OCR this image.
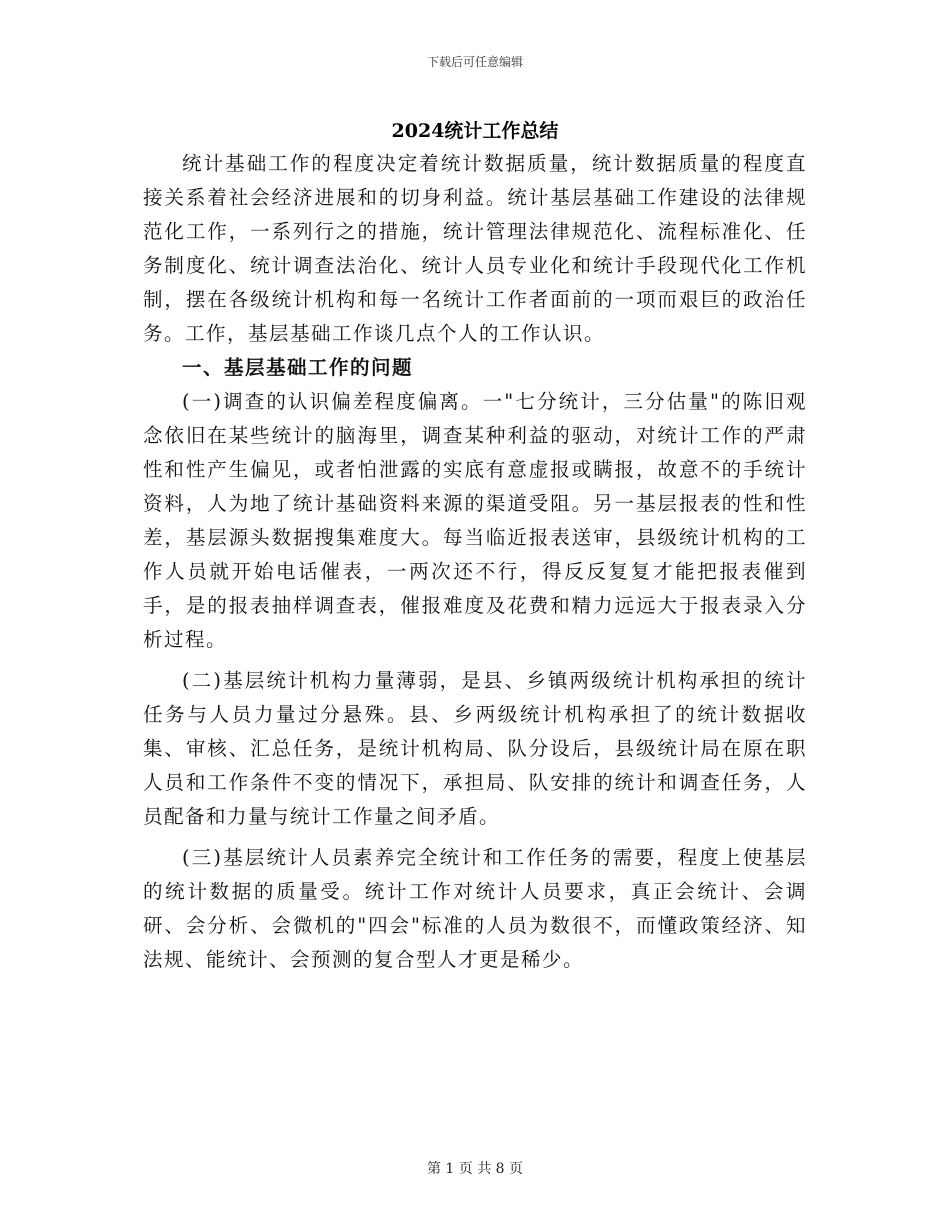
下载后可任意编辑
2024统计工作总结

统计基础工作的程度决定着统计数据质量，统计数据质量的程度直接关系着社会经济进展和的切身利益。统计基层基础工作建设的法律规范化工作，一系列行之的措施，统计管理法律规范化、流程标准化、任务制度化、统计调查法治化、统计人员专业化和统计手段现代化工作机制，摆在各级统计机构和每一名统计工作者面前的一项而艰巨的政治任务。工作，基层基础工作谈几点个人的工作认识。

一、基层基础工作的问题

(一)调查的认识偏差程度偏离。一"七分统计，三分估量"的陈旧观念依旧在某些统计的脑海里，调查某种利益的驱动，对统计工作的严肃性和性产生偏见，或者怕泄露的实底有意虚报或瞒报，故意不的手统计资料，人为地了统计基础资料来源的渠道受阻。另一基层报表的性和性差，基层源头数据搜集难度大。每当临近报表送审，县级统计机构的工作人员就开始电话催表，一两次还不行，得反反复复才能把报表催到手，是的报表抽样调查表，催报难度及花费和精力远远大于报表录入分析过程。

(二)基层统计机构力量薄弱，是县、乡镇两级统计机构承担的统计任务与人员力量过分悬殊。县、乡两级统计机构承担了的统计数据收集、审核、汇总任务，是统计机构局、队分设后，县级统计局在原在职人员和工作条件不变的情况下，承担局、队安排的统计和调查任务，人员配备和力量与统计工作量之间矛盾。

(三)基层统计人员素养完全统计和工作任务的需要，程度上使基层的统计数据的质量受。统计工作对统计人员要求，真正会统计、会调研、会分析、会微机的"四会"标准的人员为数很不，而懂政策经济、知法规、能统计、会预测的复合型人才更是稀少。

第 1 页 共 8 页
